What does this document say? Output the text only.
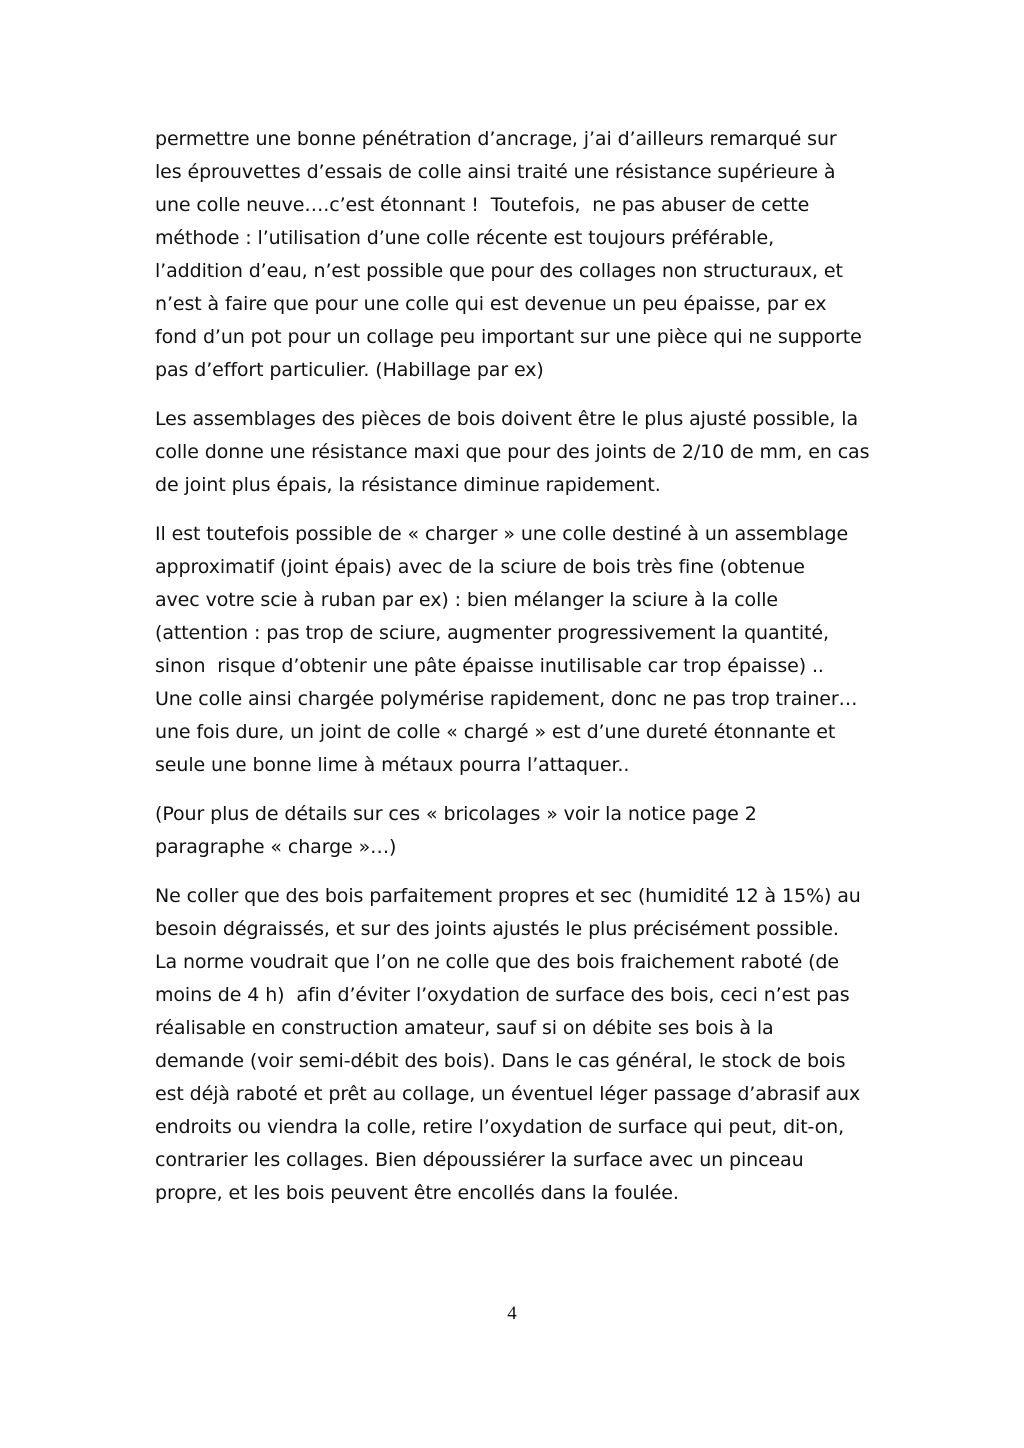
permettre une bonne pénétration d’ancrage, j’ai d’ailleurs remarqué sur
les éprouvettes d’essais de colle ainsi traité une résistance supérieure à
une colle neuve….c’est étonnant !  Toutefois,  ne pas abuser de cette
méthode : l’utilisation d’une colle récente est toujours préférable,
l’addition d’eau, n’est possible que pour des collages non structuraux, et
n’est à faire que pour une colle qui est devenue un peu épaisse, par ex
fond d’un pot pour un collage peu important sur une pièce qui ne supporte
pas d’effort particulier. (Habillage par ex)

Les assemblages des pièces de bois doivent être le plus ajusté possible, la
colle donne une résistance maxi que pour des joints de 2/10 de mm, en cas
de joint plus épais, la résistance diminue rapidement.

Il est toutefois possible de « charger » une colle destiné à un assemblage
approximatif (joint épais) avec de la sciure de bois très fine (obtenue
avec votre scie à ruban par ex) : bien mélanger la sciure à la colle
(attention : pas trop de sciure, augmenter progressivement la quantité,
sinon  risque d’obtenir une pâte épaisse inutilisable car trop épaisse) ..
Une colle ainsi chargée polymérise rapidement, donc ne pas trop trainer…
une fois dure, un joint de colle « chargé » est d’une dureté étonnante et
seule une bonne lime à métaux pourra l’attaquer..

(Pour plus de détails sur ces « bricolages » voir la notice page 2
paragraphe « charge »…)

Ne coller que des bois parfaitement propres et sec (humidité 12 à 15%) au
besoin dégraissés, et sur des joints ajustés le plus précisément possible.
La norme voudrait que l’on ne colle que des bois fraichement raboté (de
moins de 4 h)  afin d’éviter l’oxydation de surface des bois, ceci n’est pas
réalisable en construction amateur, sauf si on débite ses bois à la
demande (voir semi-débit des bois). Dans le cas général, le stock de bois
est déjà raboté et prêt au collage, un éventuel léger passage d’abrasif aux
endroits ou viendra la colle, retire l’oxydation de surface qui peut, dit-on,
contrarier les collages. Bien dépoussiérer la surface avec un pinceau
propre, et les bois peuvent être encollés dans la foulée.

4
